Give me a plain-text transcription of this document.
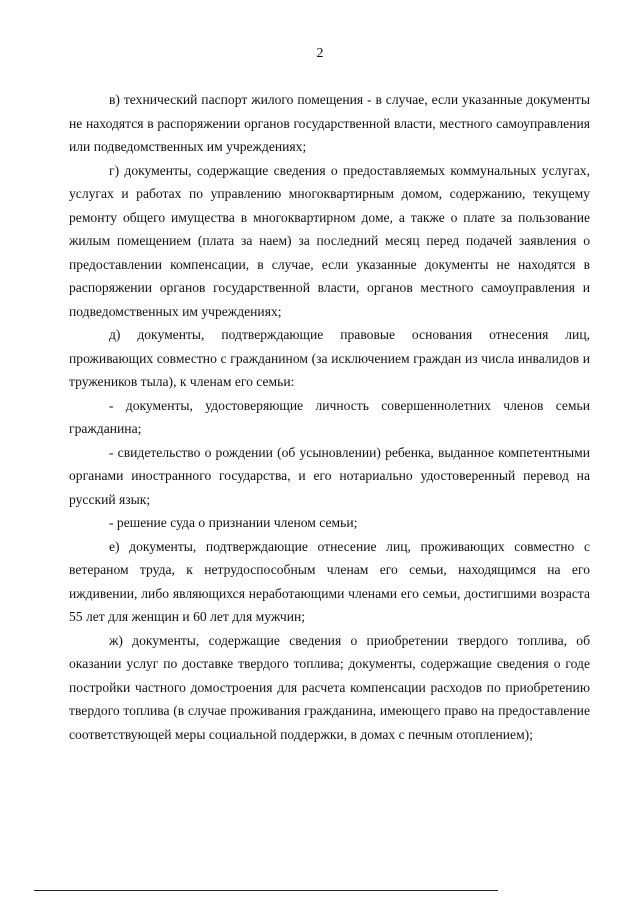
2

в) технический паспорт жилого помещения - в случае, если указанные документы не находятся в распоряжении органов государственной власти, местного самоуправления или подведомственных им учреждениях;

г) документы, содержащие сведения о предоставляемых коммунальных услугах, услугах и работах по управлению многоквартирным домом, содержанию, текущему ремонту общего имущества в многоквартирном доме, а также о плате за пользование жилым помещением (плата за наем) за последний месяц перед подачей заявления о предоставлении компенсации, в случае, если указанные документы не находятся в распоряжении органов государственной власти, органов местного самоуправления и подведомственных им учреждениях;

д) документы, подтверждающие правовые основания отнесения лиц, проживающих совместно с гражданином (за исключением граждан из числа инвалидов и тружеников тыла), к членам его семьи:

- документы, удостоверяющие личность совершеннолетних членов семьи гражданина;

- свидетельство о рождении (об усыновлении) ребенка, выданное компетентными органами иностранного государства, и его нотариально удостоверенный перевод на русский язык;

- решение суда о признании членом семьи;

е) документы, подтверждающие отнесение лиц, проживающих совместно с ветераном труда, к нетрудоспособным членам его семьи, находящимся на его иждивении, либо являющихся неработающими членами его семьи, достигшими возраста 55 лет для женщин и 60 лет для мужчин;

ж) документы, содержащие сведения о приобретении твердого топлива, об оказании услуг по доставке твердого топлива; документы, содержащие сведения о годе постройки частного домостроения для расчета компенсации расходов по приобретению твердого топлива (в случае проживания гражданина, имеющего право на предоставление соответствующей меры социальной поддержки, в домах с печным отоплением);
